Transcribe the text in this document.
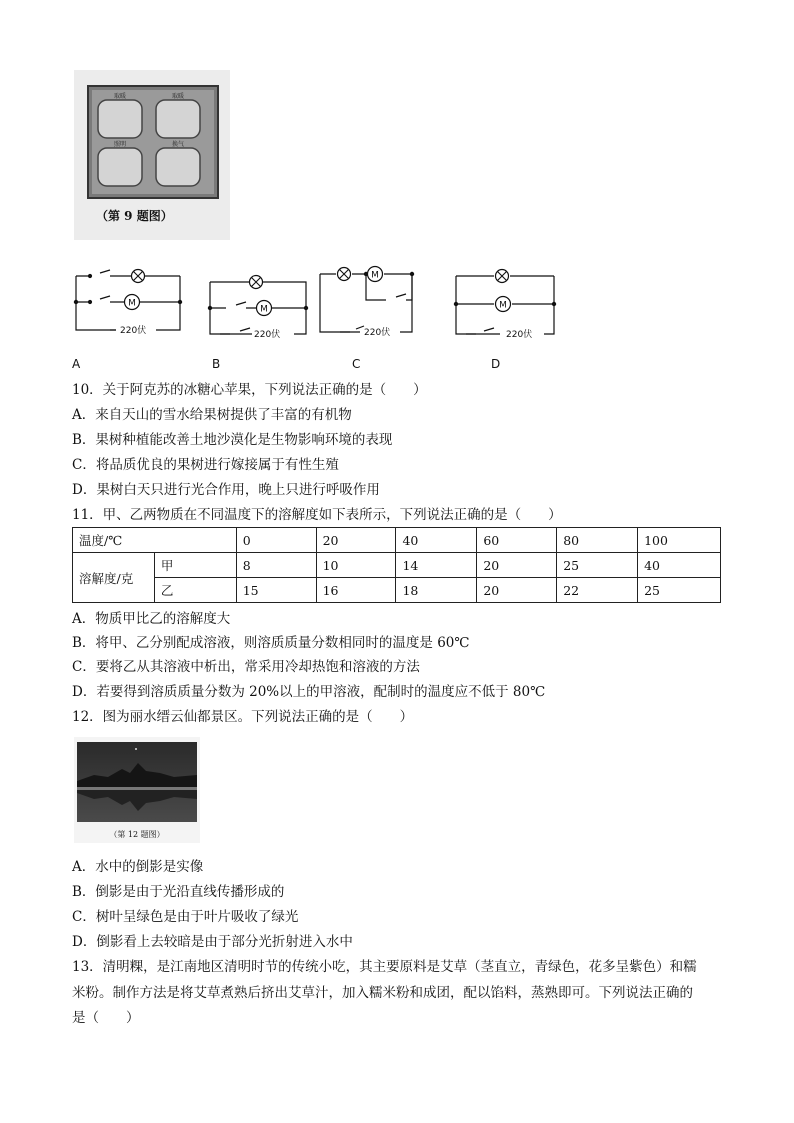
取暖	取暖
照明	换气
（第 9 题图）
M
220伏	220伏	220伏	220伏
A	B	C	D
10．关于阿克苏的冰糖心苹果，下列说法正确的是（　　）
A．来自天山的雪水给果树提供了丰富的有机物
B．果树种植能改善土地沙漠化是生物影响环境的表现
C．将品质优良的果树进行嫁接属于有性生殖
D．果树白天只进行光合作用，晚上只进行呼吸作用
11．甲、乙两物质在不同温度下的溶解度如下表所示，下列说法正确的是（　　）
温度/℃		0	20	40	60	80	100
溶解度/克	甲	8	10	14	20	25	40
	乙	15	16	18	20	22	25
A．物质甲比乙的溶解度大
B．将甲、乙分别配成溶液，则溶质质量分数相同时的温度是 60℃
C．要将乙从其溶液中析出，常采用冷却热饱和溶液的方法
D．若要得到溶质质量分数为 20%以上的甲溶液，配制时的温度应不低于 80℃
12．图为丽水缙云仙都景区。下列说法正确的是（　　）
（第 12 题图）
A．水中的倒影是实像
B．倒影是由于光沿直线传播形成的
C．树叶呈绿色是由于叶片吸收了绿光
D．倒影看上去较暗是由于部分光折射进入水中
13．清明粿，是江南地区清明时节的传统小吃，其主要原料是艾草（茎直立，青绿色，花多呈紫色）和糯
米粉。制作方法是将艾草煮熟后挤出艾草汁，加入糯米粉和成团，配以馅料，蒸熟即可。下列说法正确的
是（　　）
